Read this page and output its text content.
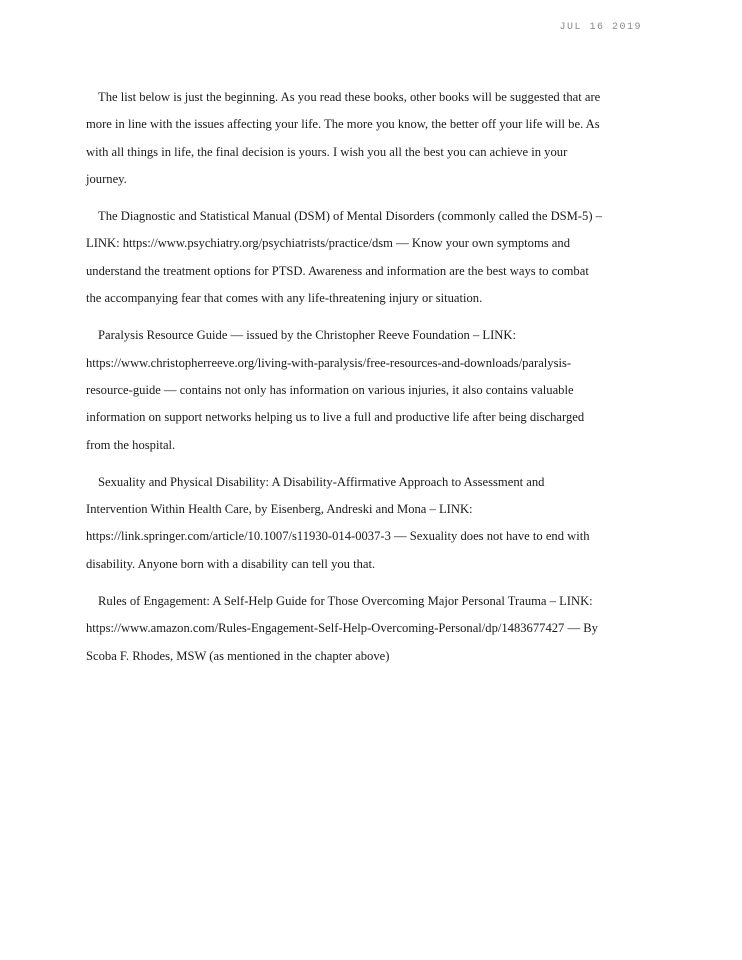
JUL 16 2019

The list below is just the beginning. As you read these books, other books will be suggested that are more in line with the issues affecting your life. The more you know, the better off your life will be. As with all things in life, the final decision is yours. I wish you all the best you can achieve in your journey.

The Diagnostic and Statistical Manual (DSM) of Mental Disorders (commonly called the DSM-5) – LINK: https://www.psychiatry.org/psychiatrists/practice/dsm — Know your own symptoms and understand the treatment options for PTSD. Awareness and information are the best ways to combat the accompanying fear that comes with any life-threatening injury or situation.

Paralysis Resource Guide — issued by the Christopher Reeve Foundation – LINK: https://www.christopherreeve.org/living-with-paralysis/free-resources-and-downloads/paralysis-resource-guide — contains not only has information on various injuries, it also contains valuable information on support networks helping us to live a full and productive life after being discharged from the hospital.

Sexuality and Physical Disability: A Disability-Affirmative Approach to Assessment and Intervention Within Health Care, by Eisenberg, Andreski and Mona – LINK: https://link.springer.com/article/10.1007/s11930-014-0037-3 — Sexuality does not have to end with disability. Anyone born with a disability can tell you that.

Rules of Engagement: A Self-Help Guide for Those Overcoming Major Personal Trauma – LINK: https://www.amazon.com/Rules-Engagement-Self-Help-Overcoming-Personal/dp/1483677427 — By Scoba F. Rhodes, MSW (as mentioned in the chapter above)
